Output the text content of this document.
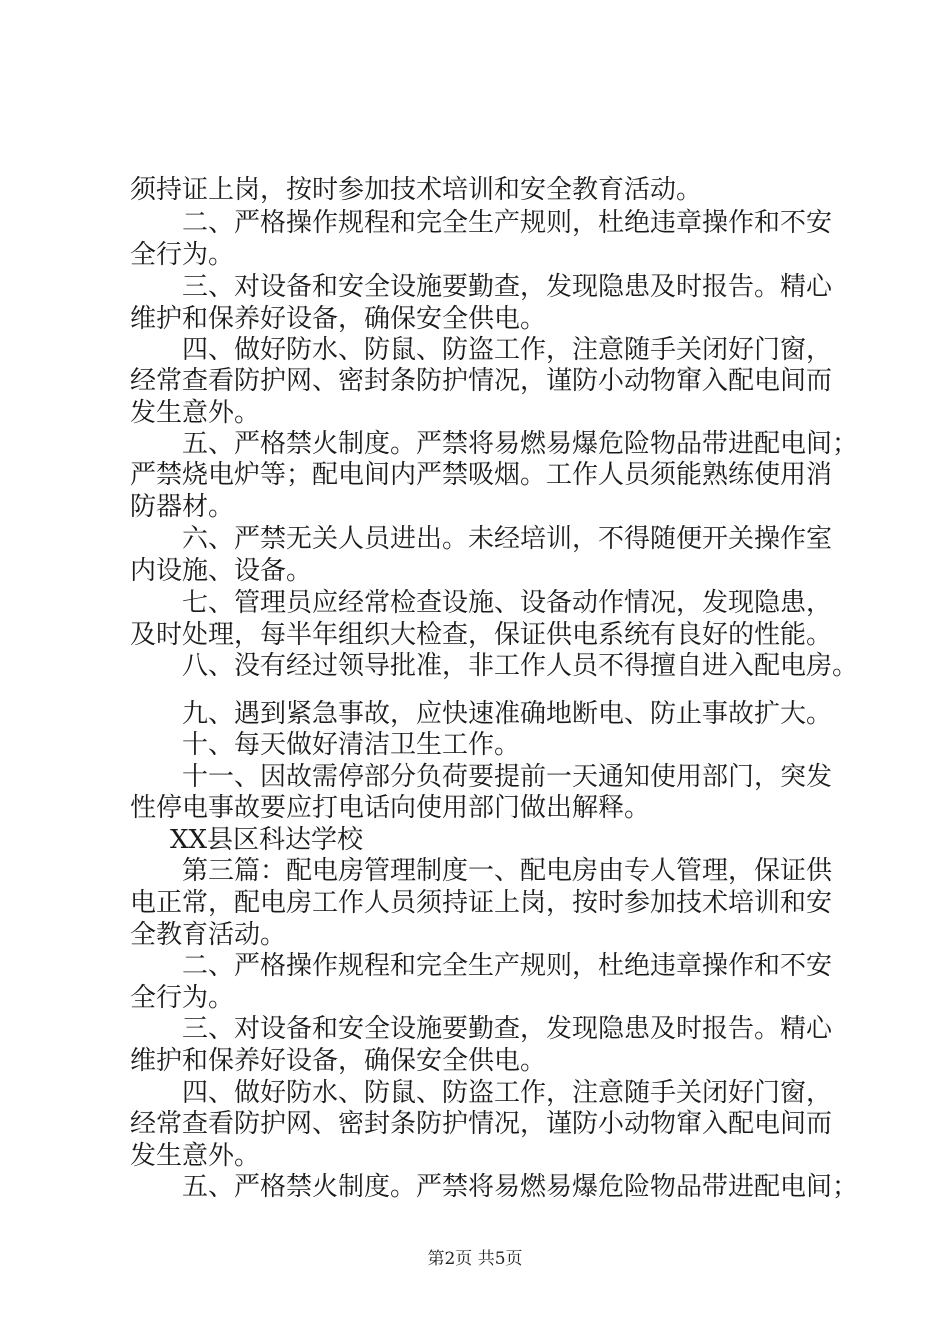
须持证上岗，按时参加技术培训和安全教育活动。
二、严格操作规程和完全生产规则，杜绝违章操作和不安
全行为。
三、对设备和安全设施要勤查，发现隐患及时报告。精心
维护和保养好设备，确保安全供电。
四、做好防水、防鼠、防盗工作，注意随手关闭好门窗，
经常查看防护网、密封条防护情况，谨防小动物窜入配电间而
发生意外。
五、严格禁火制度。严禁将易燃易爆危险物品带进配电间；
严禁烧电炉等；配电间内严禁吸烟。工作人员须能熟练使用消
防器材。
六、严禁无关人员进出。未经培训，不得随便开关操作室
内设施、设备。
七、管理员应经常检查设施、设备动作情况，发现隐患，
及时处理，每半年组织大检查，保证供电系统有良好的性能。
八、没有经过领导批准，非工作人员不得擅自进入配电房。
九、遇到紧急事故，应快速准确地断电、防止事故扩大。
十、每天做好清洁卫生工作。
十一、因故需停部分负荷要提前一天通知使用部门，突发
性停电事故要应打电话向使用部门做出解释。
XX县区科达学校
第三篇：配电房管理制度一、配电房由专人管理，保证供
电正常，配电房工作人员须持证上岗，按时参加技术培训和安
全教育活动。
二、严格操作规程和完全生产规则，杜绝违章操作和不安
全行为。
三、对设备和安全设施要勤查，发现隐患及时报告。精心
维护和保养好设备，确保安全供电。
四、做好防水、防鼠、防盗工作，注意随手关闭好门窗，
经常查看防护网、密封条防护情况，谨防小动物窜入配电间而
发生意外。
五、严格禁火制度。严禁将易燃易爆危险物品带进配电间；
第2页 共5页
